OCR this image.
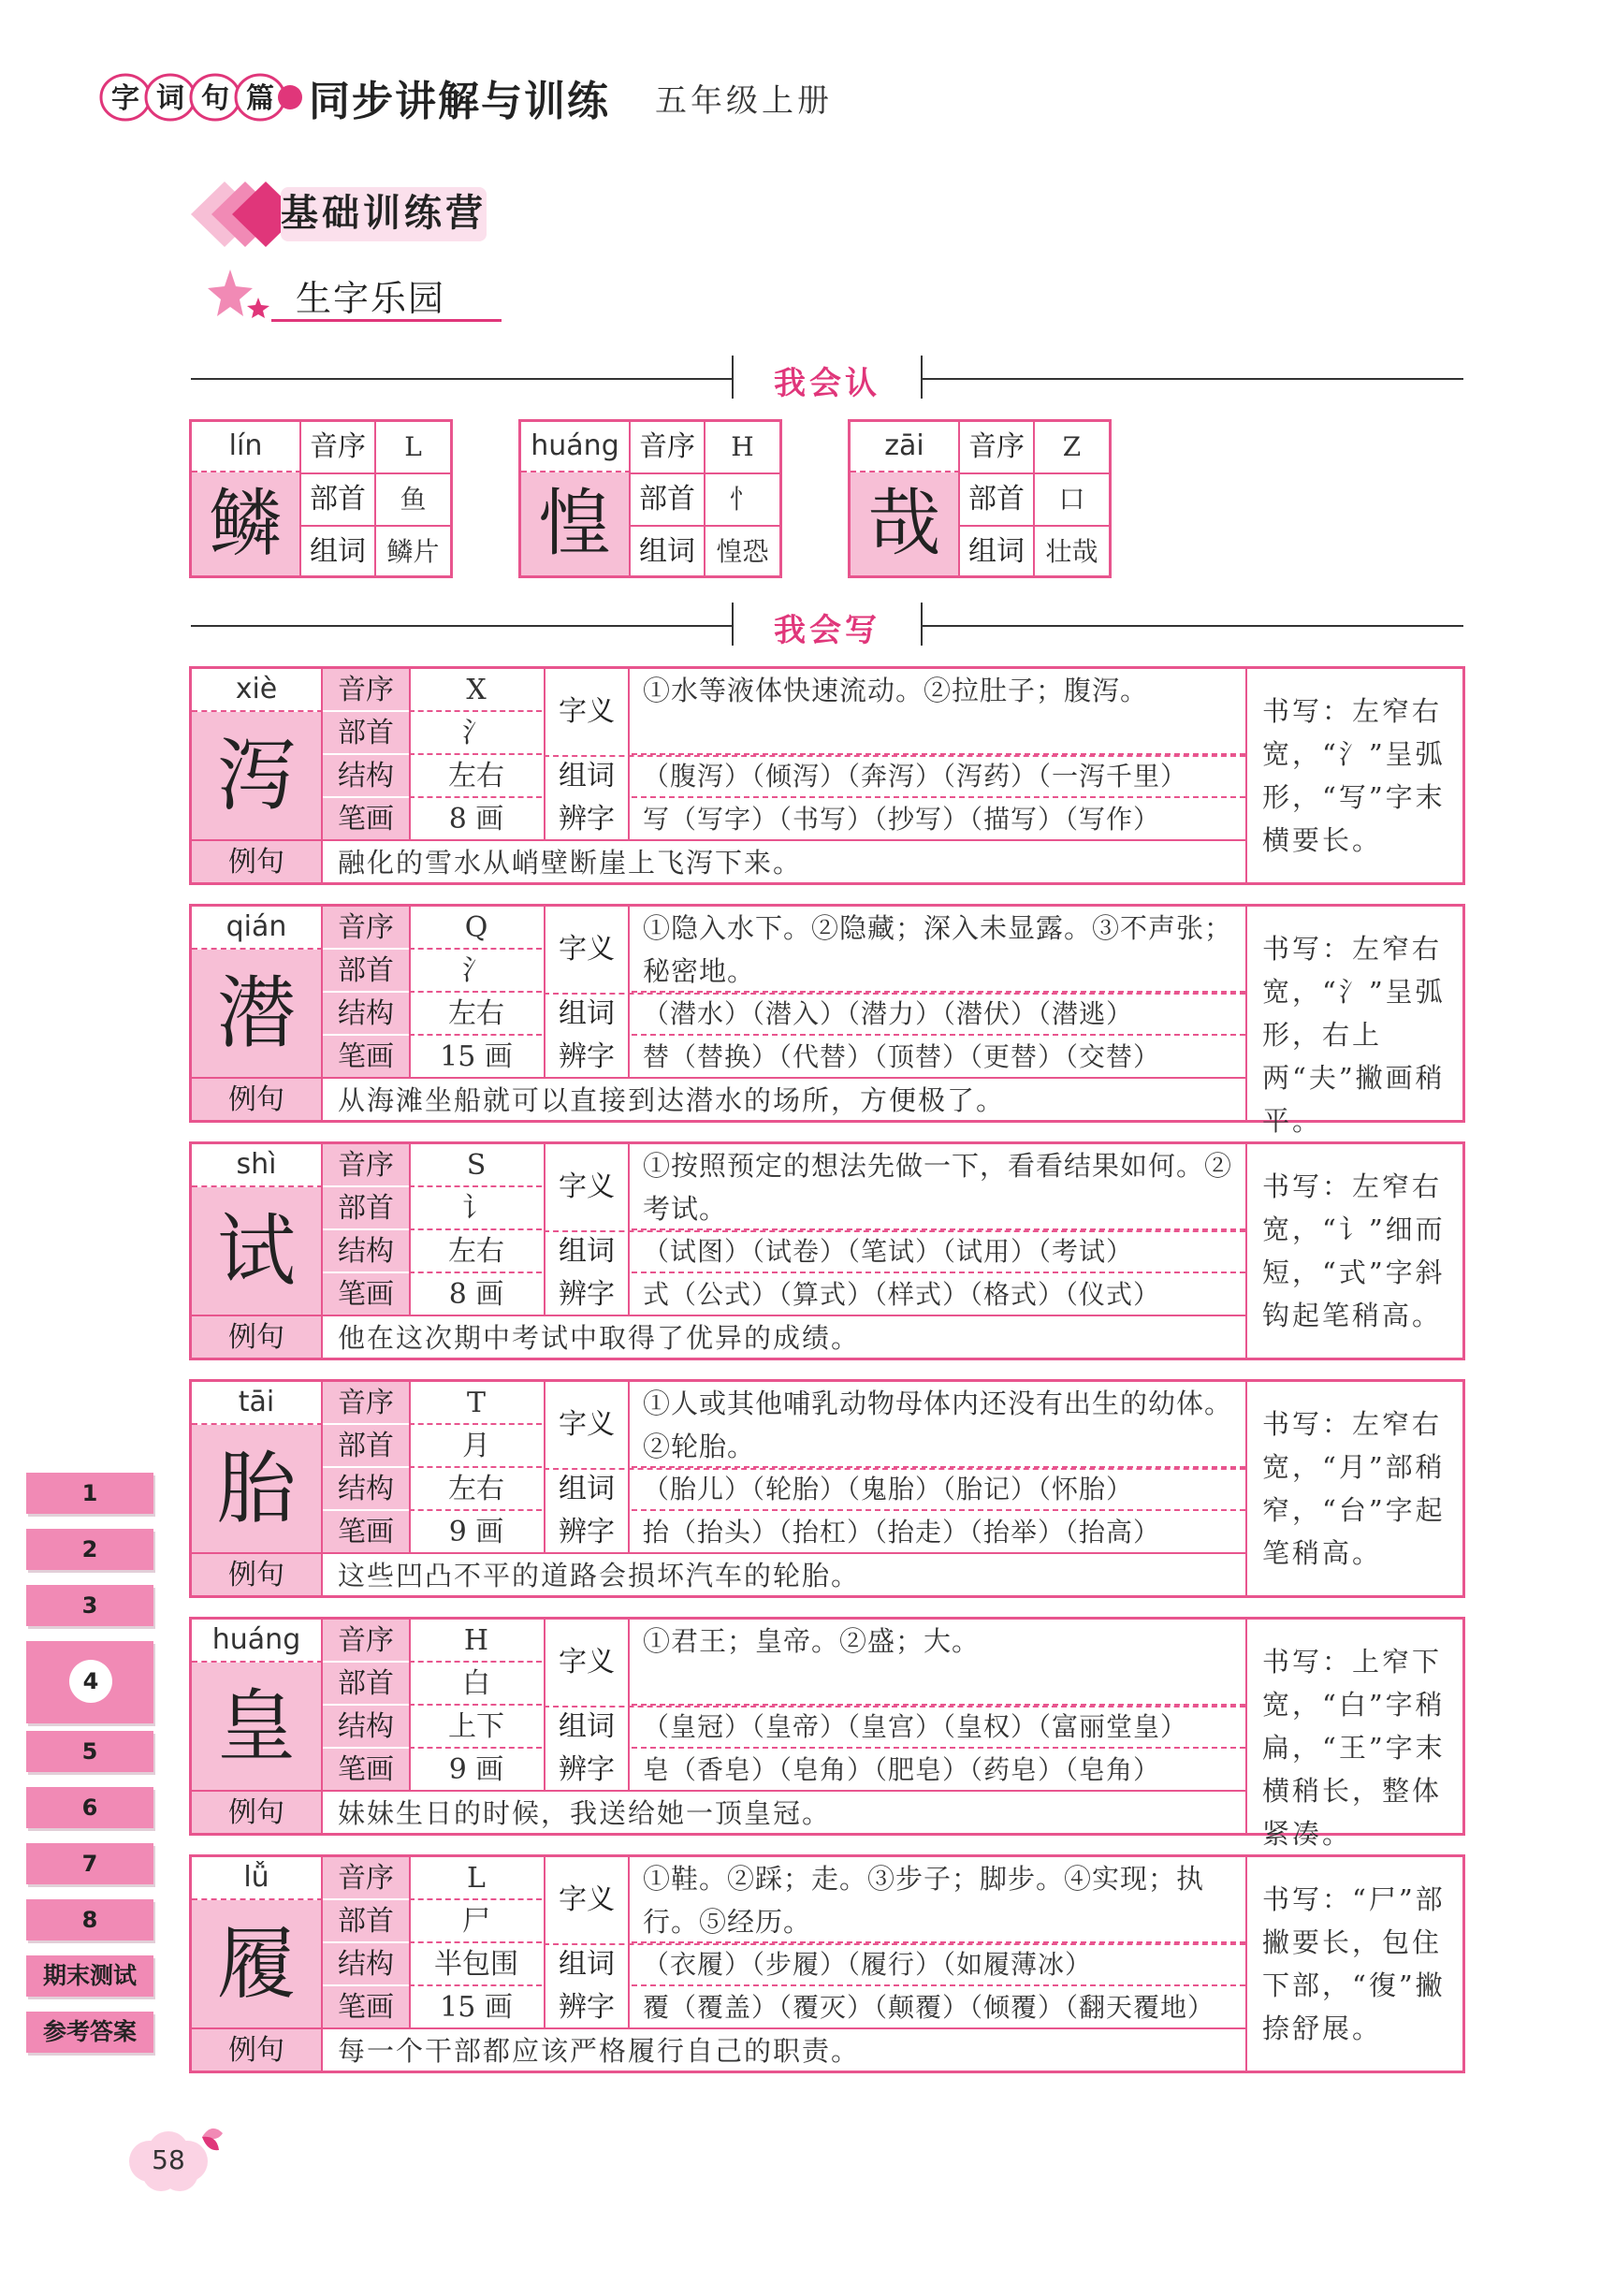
字 词 句 篇 同步讲解与训练 五年级上册
基础训练营
生字乐园
我会认
lín
鳞
音序	L
部首	鱼
组词 鳞片
huáng
惶
音序	H
部首	忄
组词 惶恐
zāi
哉
音序	Z
部首	口
组词 壮哉
我会写
xiè
泻
音序	X
部首	氵
结构	左右
笔画	8 画
字义
①水等液体快速流动。②拉肚子；腹泻。
组词	（腹泻）（倾泻）（奔泻）（泻药）（一泻千里）
辨字	写（写字）（书写）（抄写）（描写）（写作）
例句	融化的雪水从峭壁断崖上飞泻下来。
书写：左窄右宽，“氵”呈弧形，“写”字末横要长。
qián
潜
音序	Q
部首	氵
结构	左右
笔画	15 画
字义
①隐入水下。②隐藏；深入未显露。③不声张；秘密地。
组词	（潜水）（潜入）（潜力）（潜伏）（潜逃）
辨字	替（替换）（代替）（顶替）（更替）（交替）
例句	从海滩坐船就可以直接到达潜水的场所，方便极了。
书写：左窄右宽，“氵”呈弧形，右上两“夫”撇画稍平。
shì
试
音序	S
部首	讠
结构	左右
笔画	8 画
字义
①按照预定的想法先做一下，看看结果如何。②考试。
组词	（试图）（试卷）（笔试）（试用）（考试）
辨字	式（公式）（算式）（样式）（格式）（仪式）
例句	他在这次期中考试中取得了优异的成绩。
书写：左窄右宽，“讠”细而短，“式”字斜钩起笔稍高。
tāi
胎
音序	T
部首	月
结构	左右
笔画	9 画
字义
①人或其他哺乳动物母体内还没有出生的幼体。②轮胎。
组词	（胎儿）（轮胎）（鬼胎）（胎记）（怀胎）
辨字	抬（抬头）（抬杠）（抬走）（抬举）（抬高）
例句	这些凹凸不平的道路会损坏汽车的轮胎。
书写：左窄右宽，“月”部稍窄，“台”字起笔稍高。
huáng
皇
音序	H
部首	白
结构	上下
笔画	9 画
字义
①君王；皇帝。②盛；大。
组词	（皇冠）（皇帝）（皇宫）（皇权）（富丽堂皇）
辨字	皂（香皂）（皂角）（肥皂）（药皂）（皂角）
例句	妹妹生日的时候，我送给她一顶皇冠。
书写：上窄下宽，“白”字稍扁，“王”字末横稍长，整体紧凑。
lǚ
履
音序	L
部首	尸
结构	半包围
笔画	15 画
字义
①鞋。②踩；走。③步子；脚步。④实现；执行。⑤经历。
组词	（衣履）（步履）（履行）（如履薄冰）
辨字	覆（覆盖）（覆灭）（颠覆）（倾覆）（翻天覆地）
例句	每一个干部都应该严格履行自己的职责。
书写：“尸”部撇要长，包住下部，“復”撇捺舒展。
1
2
3
4
5
6
7
8
期末测试
参考答案
58
